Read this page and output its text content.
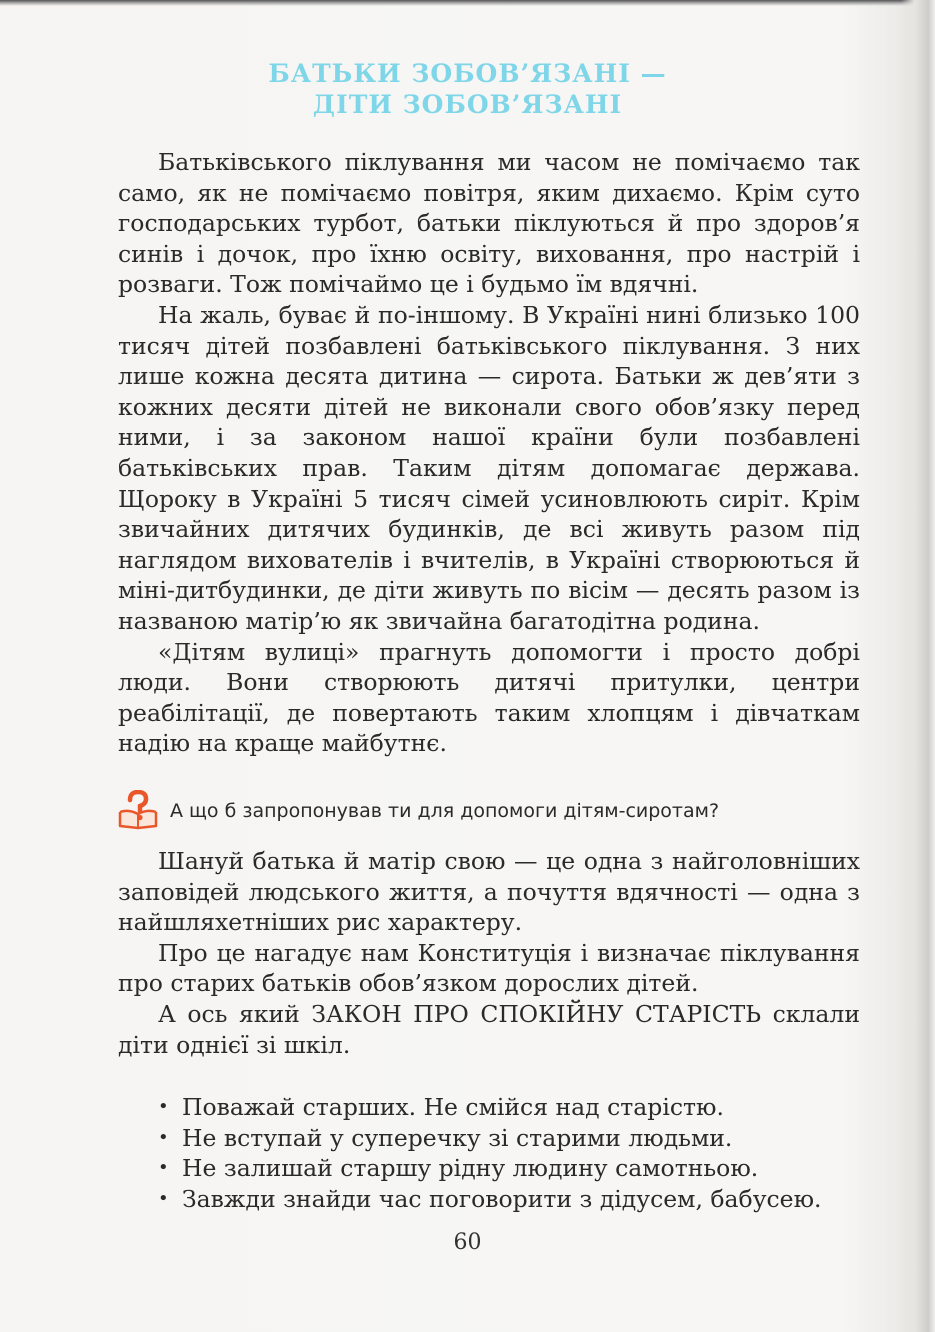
БАТЬКИ ЗОБОВ’ЯЗАНІ —
ДІТИ ЗОБОВ’ЯЗАНІ

Батьківського піклування ми часом не помічаємо так само, як не помічаємо повітря, яким дихаємо. Крім суто господарських турбот, батьки піклуються й про здоров’я синів і дочок, про їхню освіту, виховання, про настрій і розваги. Тож помічаймо це і будьмо їм вдячні.

На жаль, буває й по-іншому. В Україні нині близько 100 тисяч дітей позбавлені батьківського піклування. З них лише кожна десята дитина — сирота. Батьки ж дев’яти з кожних десяти дітей не виконали свого обов’язку перед ними, і за законом нашої країни були позбавлені батьківських прав. Таким дітям допомагає держава. Щороку в Україні 5 тисяч сімей усиновлюють сиріт. Крім звичайних дитячих будинків, де всі живуть разом під наглядом вихователів і вчителів, в Україні створюються й міні-дитбудинки, де діти живуть по вісім — десять разом із названою матір’ю як звичайна багатодітна родина.

«Дітям вулиці» прагнуть допомогти і просто добрі люди. Вони створюють дитячі притулки, центри реабілітації, де повертають таким хлопцям і дівчаткам надію на краще майбутнє.

А що б запропонував ти для допомоги дітям-сиротам?

Шануй батька й матір свою — це одна з найголовніших заповідей людського життя, а почуття вдячності — одна з найшляхетніших рис характеру.

Про це нагадує нам Конституція і визначає піклування про старих батьків обов’язком дорослих дітей.

А ось який ЗАКОН ПРО СПОКІЙНУ СТАРІСТЬ склали діти однієї зі шкіл.

• Поважай старших. Не смійся над старістю.
• Не вступай у суперечку зі старими людьми.
• Не залишай старшу рідну людину самотньою.
• Завжди знайди час поговорити з дідусем, бабусею.
60
